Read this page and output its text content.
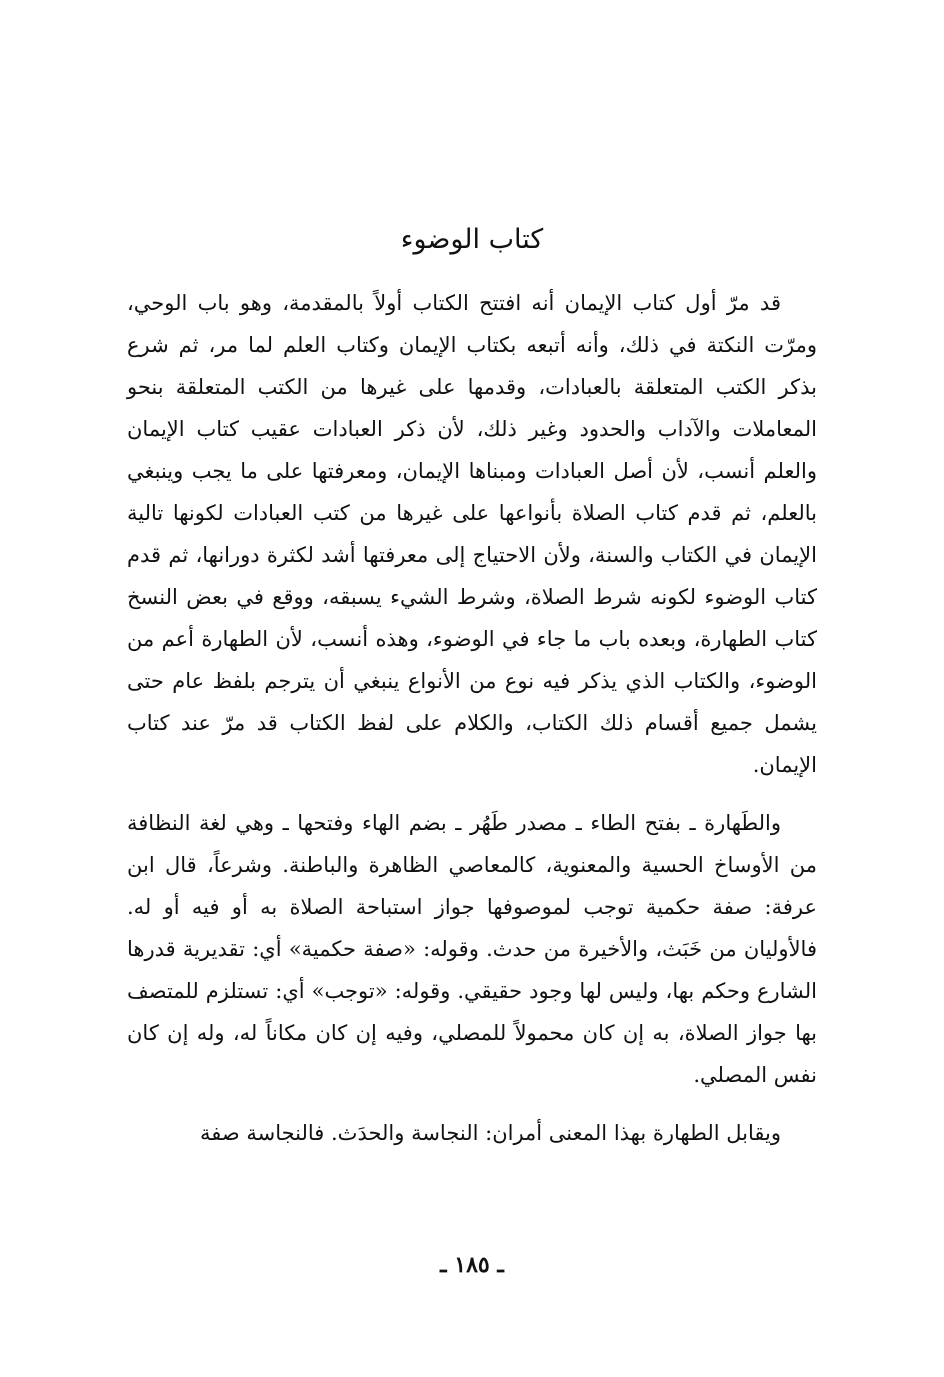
كتاب الوضوء

قد مرّ أول كتاب الإيمان أنه افتتح الكتاب أولاً بالمقدمة، وهو باب الوحي، ومرّت النكتة في ذلك، وأنه أتبعه بكتاب الإيمان وكتاب العلم لما مر، ثم شرع بذكر الكتب المتعلقة بالعبادات، وقدمها على غيرها من الكتب المتعلقة بنحو المعاملات والآداب والحدود وغير ذلك، لأن ذكر العبادات عقيب كتاب الإيمان والعلم أنسب، لأن أصل العبادات ومبناها الإيمان، ومعرفتها على ما يجب وينبغي بالعلم، ثم قدم كتاب الصلاة بأنواعها على غيرها من كتب العبادات لكونها تالية الإيمان في الكتاب والسنة، ولأن الاحتياج إلى معرفتها أشد لكثرة دورانها، ثم قدم كتاب الوضوء لكونه شرط الصلاة، وشرط الشيء يسبقه، ووقع في بعض النسخ كتاب الطهارة، وبعده باب ما جاء في الوضوء، وهذه أنسب، لأن الطهارة أعم من الوضوء، والكتاب الذي يذكر فيه نوع من الأنواع ينبغي أن يترجم بلفظ عام حتى يشمل جميع أقسام ذلك الكتاب، والكلام على لفظ الكتاب قد مرّ عند كتاب الإيمان.

والطَهارة ـ بفتح الطاء ـ مصدر طَهُر ـ بضم الهاء وفتحها ـ وهي لغة النظافة من الأوساخ الحسية والمعنوية، كالمعاصي الظاهرة والباطنة. وشرعاً، قال ابن عرفة: صفة حكمية توجب لموصوفها جواز استباحة الصلاة به أو فيه أو له. فالأوليان من خَبَث، والأخيرة من حدث. وقوله: «صفة حكمية» أي: تقديرية قدرها الشارع وحكم بها، وليس لها وجود حقيقي. وقوله: «توجب» أي: تستلزم للمتصف بها جواز الصلاة، به إن كان محمولاً للمصلي، وفيه إن كان مكاناً له، وله إن كان نفس المصلي.

ويقابل الطهارة بهذا المعنى أمران: النجاسة والحدَث. فالنجاسة صفة

ـ ١٨٥ ـ
